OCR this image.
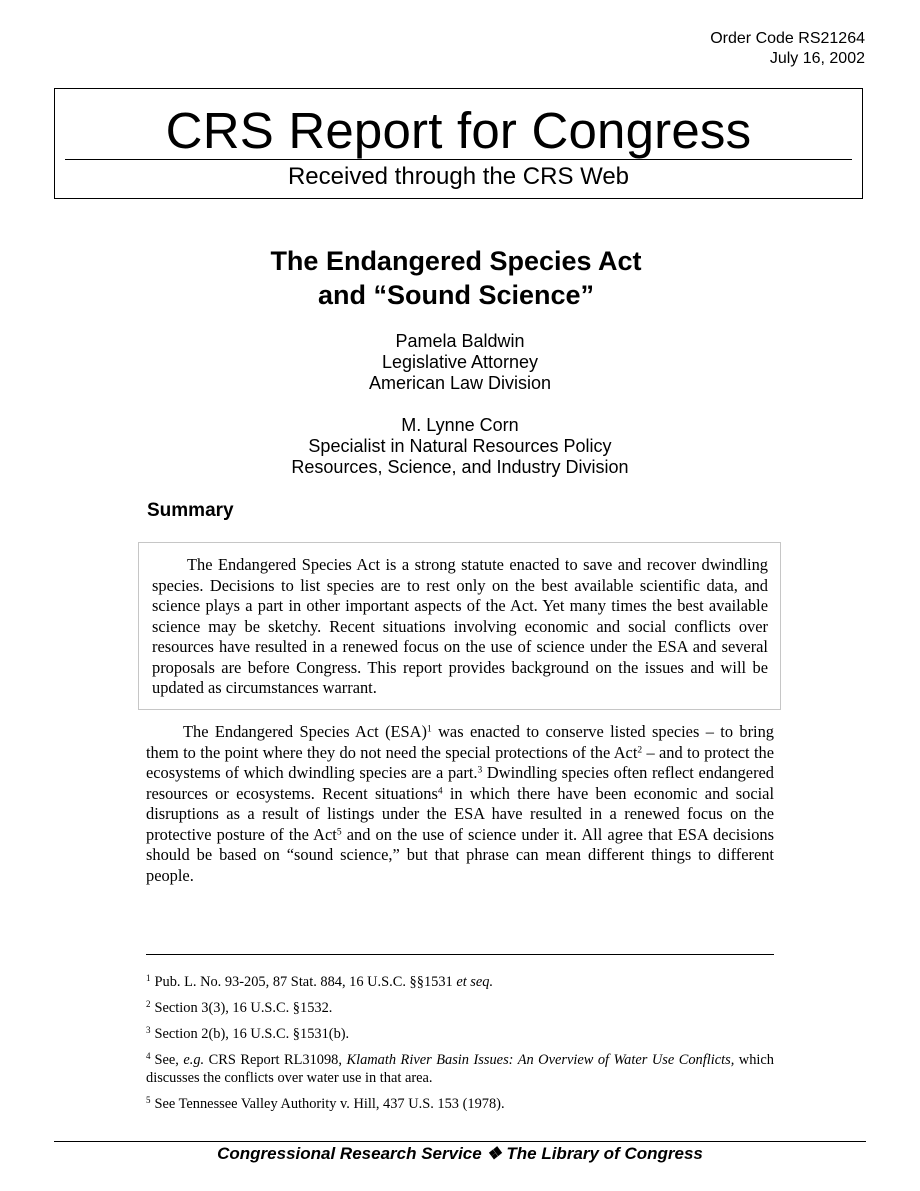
Order Code RS21264
July 16, 2002
CRS Report for Congress
Received through the CRS Web
The Endangered Species Act
and “Sound Science”
Pamela Baldwin
Legislative Attorney
American Law Division
M. Lynne Corn
Specialist in Natural Resources Policy
Resources, Science, and Industry Division
Summary

The Endangered Species Act is a strong statute enacted to save and recover dwindling species. Decisions to list species are to rest only on the best available scientific data, and science plays a part in other important aspects of the Act. Yet many times the best available science may be sketchy. Recent situations involving economic and social conflicts over resources have resulted in a renewed focus on the use of science under the ESA and several proposals are before Congress. This report provides background on the issues and will be updated as circumstances warrant.

The Endangered Species Act (ESA)$^1$ was enacted to conserve listed species – to bring them to the point where they do not need the special protections of the Act$^2$ – and to protect the ecosystems of which dwindling species are a part.$^3$ Dwindling species often reflect endangered resources or ecosystems. Recent situations$^4$ in which there have been economic and social disruptions as a result of listings under the ESA have resulted in a renewed focus on the protective posture of the Act$^5$ and on the use of science under it. All agree that ESA decisions should be based on “sound science,” but that phrase can mean different things to different people.

$^1$ Pub. L. No. 93-205, 87 Stat. 884, 16 U.S.C. §§1531 et seq.
$^2$ Section 3(3), 16 U.S.C. §1532.
$^3$ Section 2(b), 16 U.S.C. §1531(b).
$^4$ See, e.g. CRS Report RL31098, Klamath River Basin Issues: An Overview of Water Use Conflicts, which discusses the conflicts over water use in that area.
$^5$ See Tennessee Valley Authority v. Hill, 437 U.S. 153 (1978).
Congressional Research Service ❖ The Library of Congress
